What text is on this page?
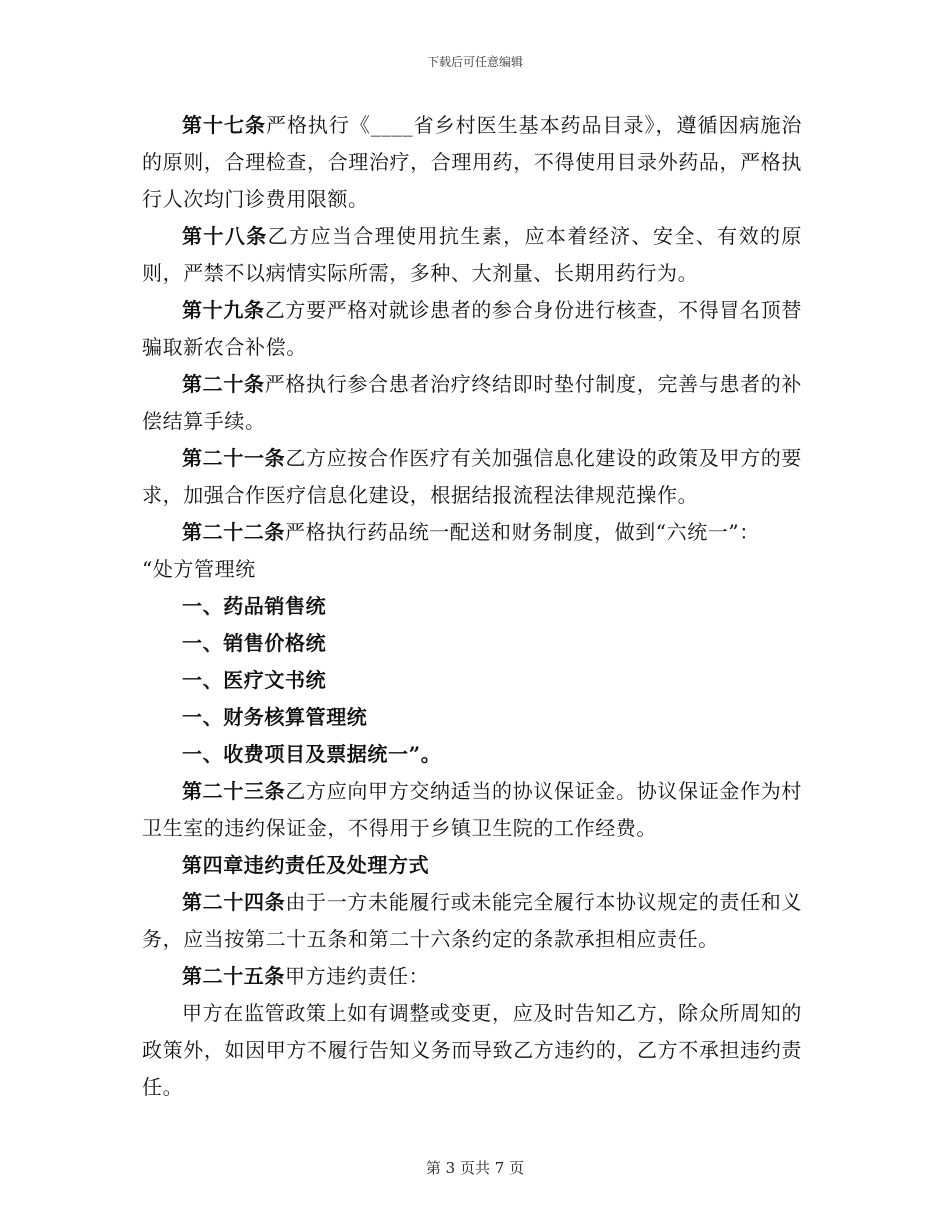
下载后可任意编辑

第十七条严格执行《____省乡村医生基本药品目录》，遵循因病施治的原则，合理检查，合理治疗，合理用药，不得使用目录外药品，严格执行人次均门诊费用限额。

第十八条乙方应当合理使用抗生素，应本着经济、安全、有效的原则，严禁不以病情实际所需，多种、大剂量、长期用药行为。

第十九条乙方要严格对就诊患者的参合身份进行核查，不得冒名顶替骗取新农合补偿。

第二十条严格执行参合患者治疗终结即时垫付制度，完善与患者的补偿结算手续。

第二十一条乙方应按合作医疗有关加强信息化建设的政策及甲方的要求，加强合作医疗信息化建设，根据结报流程法律规范操作。

第二十二条严格执行药品统一配送和财务制度，做到“六统一”：

“处方管理统

一、药品销售统

一、销售价格统

一、医疗文书统

一、财务核算管理统

一、收费项目及票据统一”。

第二十三条乙方应向甲方交纳适当的协议保证金。协议保证金作为村卫生室的违约保证金，不得用于乡镇卫生院的工作经费。

第四章违约责任及处理方式

第二十四条由于一方未能履行或未能完全履行本协议规定的责任和义务，应当按第二十五条和第二十六条约定的条款承担相应责任。

第二十五条甲方违约责任：

甲方在监管政策上如有调整或变更，应及时告知乙方，除众所周知的政策外，如因甲方不履行告知义务而导致乙方违约的，乙方不承担违约责任。

第 3 页共 7 页
